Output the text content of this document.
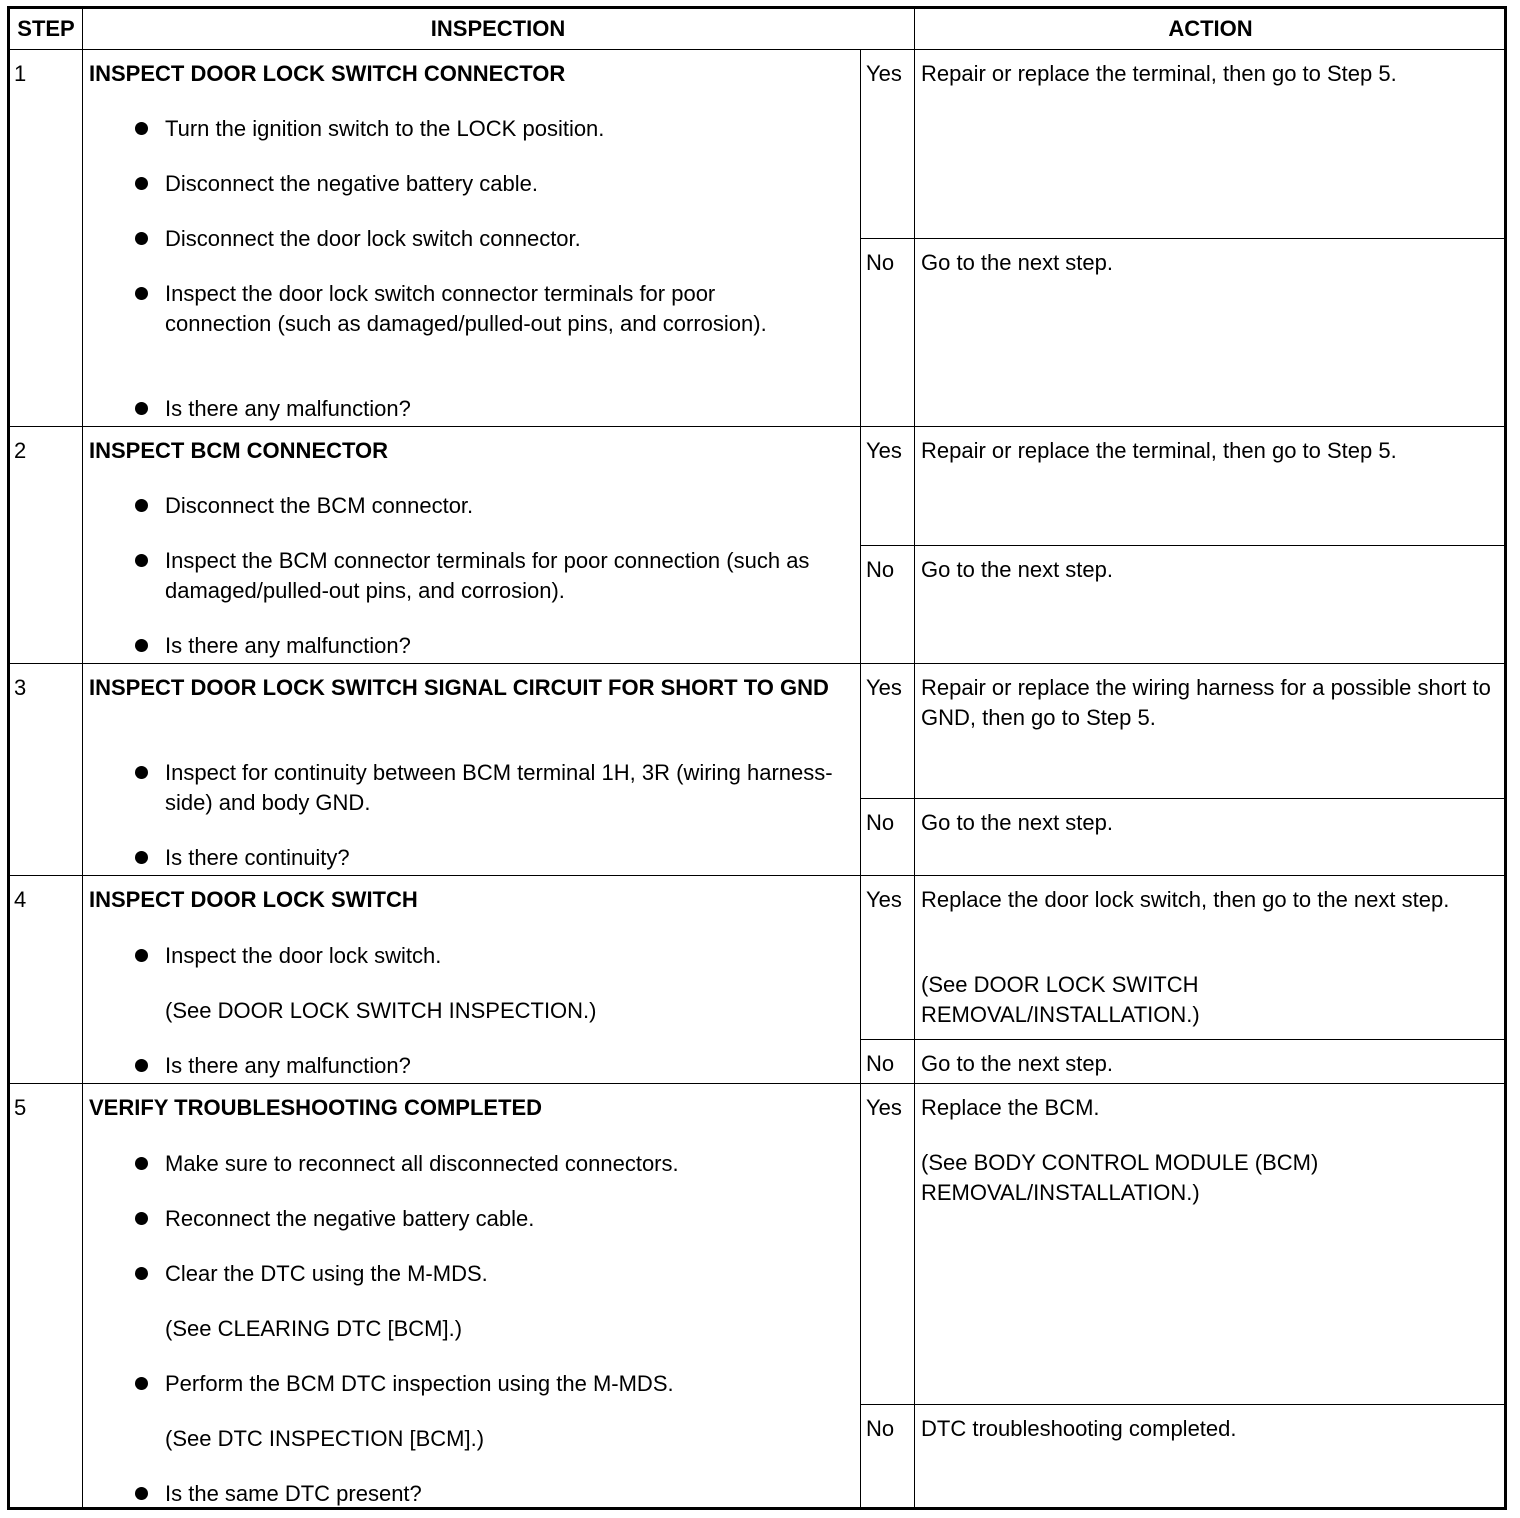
STEP	INSPECTION	ACTION
1	INSPECT DOOR LOCK SWITCH CONNECTOR
Turn the ignition switch to the LOCK position.
Disconnect the negative battery cable.
Disconnect the door lock switch connector.
Inspect the door lock switch connector terminals for poor connection (such as damaged/pulled-out pins, and corrosion).
Is there any malfunction?
Yes Repair or replace the terminal, then go to Step 5.
No Go to the next step.
2	INSPECT BCM CONNECTOR
Disconnect the BCM connector.
Inspect the BCM connector terminals for poor connection (such as damaged/pulled-out pins, and corrosion).
Is there any malfunction?
Yes Repair or replace the terminal, then go to Step 5.
No Go to the next step.
3	INSPECT DOOR LOCK SWITCH SIGNAL CIRCUIT FOR SHORT TO GND
Inspect for continuity between BCM terminal 1H, 3R (wiring harness-side) and body GND.
Is there continuity?
Yes Repair or replace the wiring harness for a possible short to GND, then go to Step 5.
No Go to the next step.
4	INSPECT DOOR LOCK SWITCH
Inspect the door lock switch.
(See DOOR LOCK SWITCH INSPECTION.)
Is there any malfunction?
Yes Replace the door lock switch, then go to the next step.
(See DOOR LOCK SWITCH REMOVAL/INSTALLATION.)
No Go to the next step.
5	VERIFY TROUBLESHOOTING COMPLETED
Make sure to reconnect all disconnected connectors.
Reconnect the negative battery cable.
Clear the DTC using the M-MDS.
(See CLEARING DTC [BCM].)
Perform the BCM DTC inspection using the M-MDS.
(See DTC INSPECTION [BCM].)
Is the same DTC present?
Yes Replace the BCM.
(See BODY CONTROL MODULE (BCM) REMOVAL/INSTALLATION.)
No DTC troubleshooting completed.
